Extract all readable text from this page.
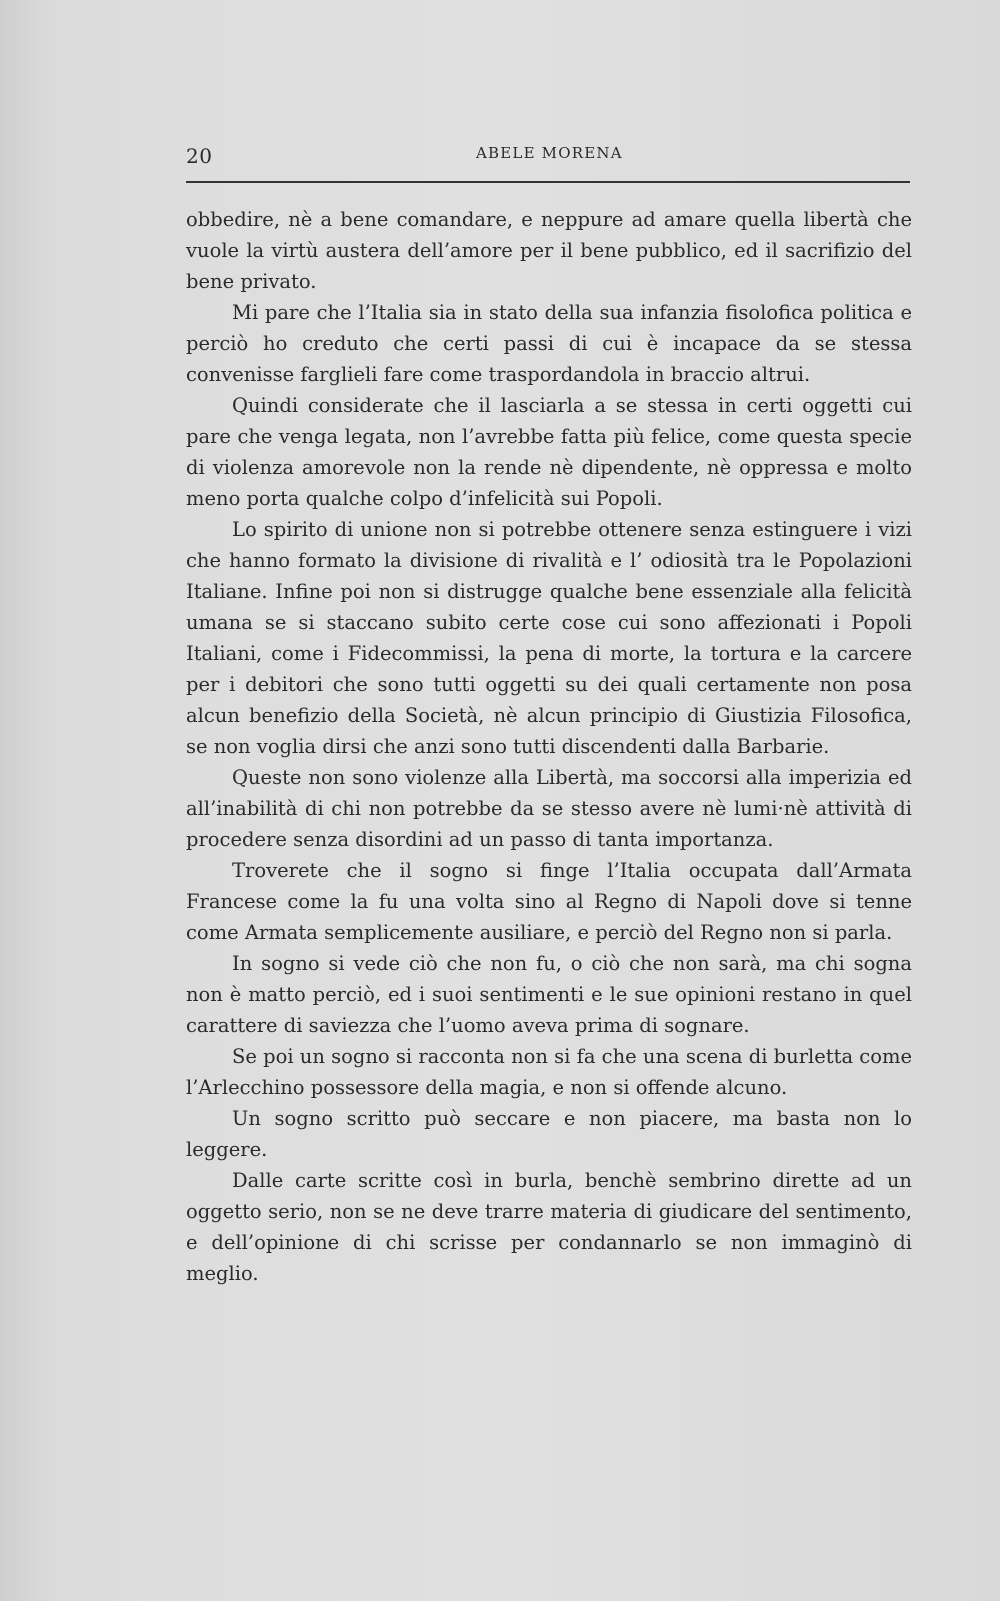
20	ABELE MORENA

obbedire, nè a bene comandare, e neppure ad amare quella libertà che vuole la virtù austera dell’amore per il bene pubblico, ed il sacrifizio del bene privato.

Mi pare che l’Italia sia in stato della sua infanzia fisolofica politica e perciò ho creduto che certi passi di cui è incapace da se stessa convenisse farglieli fare come traspordandola in braccio altrui.

Quindi considerate che il lasciarla a se stessa in certi oggetti cui pare che venga legata, non l’avrebbe fatta più felice, come questa specie di violenza amorevole non la rende nè dipendente, nè oppressa e molto meno porta qualche colpo d’infelicità sui Popoli.

Lo spirito di unione non si potrebbe ottenere senza estinguere i vizi che hanno formato la divisione di rivalità e l’ odiosità tra le Popolazioni Italiane. Infine poi non si distrugge qualche bene essenziale alla felicità umana se si staccano subito certe cose cui sono affezionati i Popoli Italiani, come i Fidecommissi, la pena di morte, la tortura e la carcere per i debitori che sono tutti oggetti su dei quali certamente non posa alcun benefizio della Società, nè alcun principio di Giustizia Filosofica, se non voglia dirsi che anzi sono tutti discendenti dalla Barbarie.

Queste non sono violenze alla Libertà, ma soccorsi alla imperizia ed all’inabilità di chi non potrebbe da se stesso avere nè lumi·nè attività di procedere senza disordini ad un passo di tanta importanza.

Troverete che il sogno si finge l’Italia occupata dall’Armata Francese come la fu una volta sino al Regno di Napoli dove si tenne come Armata semplicemente ausiliare, e perciò del Regno non si parla.

In sogno si vede ciò che non fu, o ciò che non sarà, ma chi sogna non è matto perciò, ed i suoi sentimenti e le sue opinioni restano in quel carattere di saviezza che l’uomo aveva prima di sognare.

Se poi un sogno si racconta non si fa che una scena di burletta come l’Arlecchino possessore della magia, e non si offende alcuno.

Un sogno scritto può seccare e non piacere, ma basta non lo leggere.

Dalle carte scritte così in burla, benchè sembrino dirette ad un oggetto serio, non se ne deve trarre materia di giudicare del sentimento, e dell’opinione di chi scrisse per condannarlo se non immaginò di meglio.
